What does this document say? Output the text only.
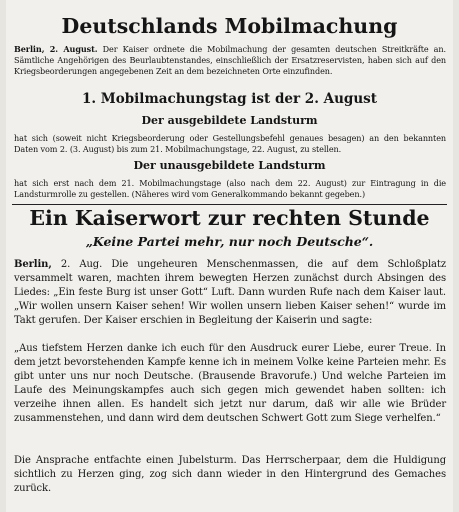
Deutschlands Mobilmachung

Berlin, 2. August. Der Kaiser ordnete die Mobilmachung der gesamten deutschen Streitkräfte an. Sämtliche Angehörigen des Beurlaubtenstandes, einschließlich der Ersatzreservisten, haben sich auf den Kriegsbeorderungen angegebenen Zeit an dem bezeichneten Orte einzufinden.

1. Mobilmachungstag ist der 2. August
Der ausgebildete Landsturm

hat sich (soweit nicht Kriegsbeorderung oder Gestellungsbefehl genaues besagen) an den bekannten Daten vom 2. (3. August) bis zum 21. Mobilmachungstage, 22. August, zu stellen.

Der unausgebildete Landsturm

hat sich erst nach dem 21. Mobilmachungstage (also nach dem 22. August) zur Eintragung in die Landsturmrolle zu gestellen. (Näheres wird vom Generalkommando bekannt gegeben.)

Ein Kaiserwort zur rechten Stunde
„Keine Partei mehr, nur noch Deutsche“.

Berlin, 2. Aug. Die ungeheuren Menschenmassen, die auf dem Schloßplatz versammelt waren, machten ihrem bewegten Herzen zunächst durch Absingen des Liedes: „Ein feste Burg ist unser Gott“ Luft. Dann wurden Rufe nach dem Kaiser laut. „Wir wollen unsern Kaiser sehen! Wir wollen unsern lieben Kaiser sehen!“ wurde im Takt gerufen. Der Kaiser erschien in Begleitung der Kaiserin und sagte:

„Aus tiefstem Herzen danke ich euch für den Ausdruck eurer Liebe, eurer Treue. In dem jetzt bevorstehenden Kampfe kenne ich in meinem Volke keine Parteien mehr. Es gibt unter uns nur noch Deutsche. (Brausende Bravorufe.) Und welche Parteien im Laufe des Meinungskampfes auch sich gegen mich gewendet haben sollten: ich verzeihe ihnen allen. Es handelt sich jetzt nur darum, daß wir alle wie Brüder zusammenstehen, und dann wird dem deutschen Schwert Gott zum Siege verhelfen.“

Die Ansprache entfachte einen Jubelsturm. Das Herrscherpaar, dem die Huldigung sichtlich zu Herzen ging, zog sich dann wieder in den Hintergrund des Gemaches zurück.
